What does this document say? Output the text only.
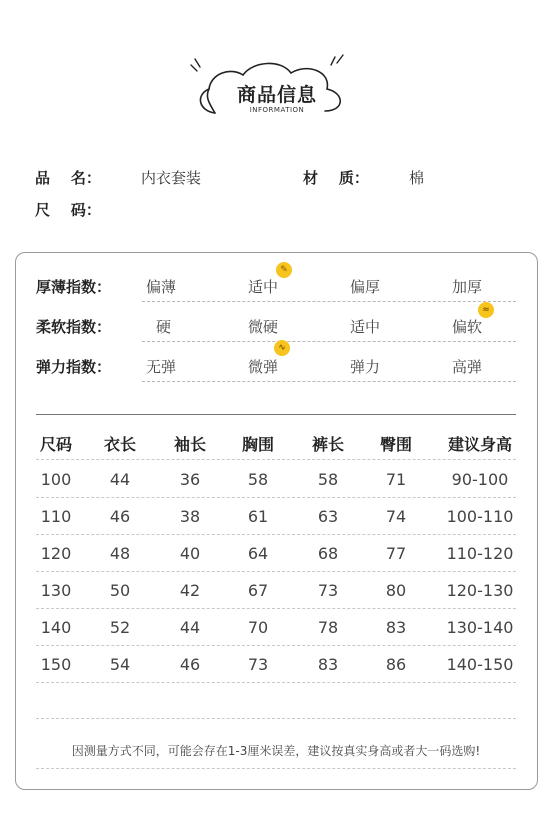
商品信息
INFORMATION
品    名：	内衣套装	材    质：	棉
尺    码：
厚薄指数： 偏薄	适中	偏厚	加厚
✎
柔软指数：	硬	微硬	适中	偏软
≈
弹力指数： 无弹	微弹	弹力	高弹
∿
尺码 衣长 袖长 胸围 裤长 臀围 建议身高
100 44	36	58	58	71	90-100
110 46	38	61	63	74	100-110
120 48	40	64	68	77	110-120
130 50	42	67	73	80	120-130
140 52	44	70	78	83	130-140
150 54	46	73	83	86	140-150
因测量方式不同，可能会存在1-3厘米误差，建议按真实身高或者大一码选购!
